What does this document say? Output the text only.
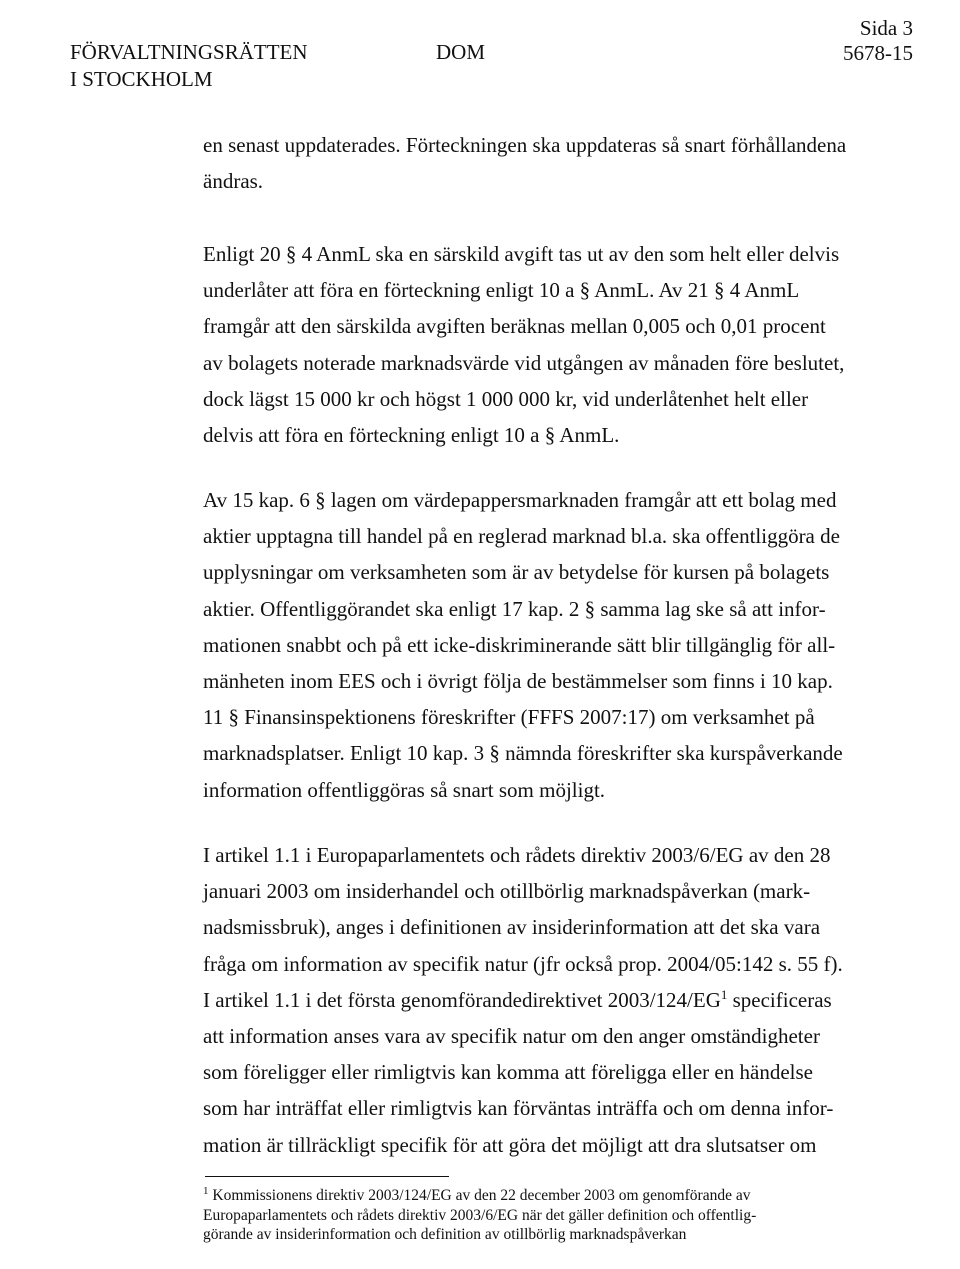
FÖRVALTNINGSRÄTTEN
I STOCKHOLM
DOM
Sida 3
5678-15
en senast uppdaterades. Förteckningen ska uppdateras så snart förhållandena
ändras.
Enligt 20 § 4 AnmL ska en särskild avgift tas ut av den som helt eller delvis
underlåter att föra en förteckning enligt 10 a § AnmL. Av 21 § 4 AnmL
framgår att den särskilda avgiften beräknas mellan 0,005 och 0,01 procent
av bolagets noterade marknadsvärde vid utgången av månaden före beslutet,
dock lägst 15 000 kr och högst 1 000 000 kr, vid underlåtenhet helt eller
delvis att föra en förteckning enligt 10 a § AnmL.
Av 15 kap. 6 § lagen om värdepappersmarknaden framgår att ett bolag med
aktier upptagna till handel på en reglerad marknad bl.a. ska offentliggöra de
upplysningar om verksamheten som är av betydelse för kursen på bolagets
aktier. Offentliggörandet ska enligt 17 kap. 2 § samma lag ske så att infor-
mationen snabbt och på ett icke-diskriminerande sätt blir tillgänglig för all-
mänheten inom EES och i övrigt följa de bestämmelser som finns i 10 kap.
11 § Finansinspektionens föreskrifter (FFFS 2007:17) om verksamhet på
marknadsplatser. Enligt 10 kap. 3 § nämnda föreskrifter ska kurspåverkande
information offentliggöras så snart som möjligt.
I artikel 1.1 i Europaparlamentets och rådets direktiv 2003/6/EG av den 28
januari 2003 om insiderhandel och otillbörlig marknadspåverkan (mark-
nadsmissbruk), anges i definitionen av insiderinformation att det ska vara
fråga om information av specifik natur (jfr också prop. 2004/05:142 s. 55 f).
I artikel 1.1 i det första genomförandedirektivet 2003/124/EG$^1$ specificeras
att information anses vara av specifik natur om den anger omständigheter
som föreligger eller rimligtvis kan komma att föreligga eller en händelse
som har inträffat eller rimligtvis kan förväntas inträffa och om denna infor-
mation är tillräckligt specifik för att göra det möjligt att dra slutsatser om
$^1$ Kommissionens direktiv 2003/124/EG av den 22 december 2003 om genomförande av
Europaparlamentets och rådets direktiv 2003/6/EG när det gäller definition och offentlig-
görande av insiderinformation och definition av otillbörlig marknadspåverkan
